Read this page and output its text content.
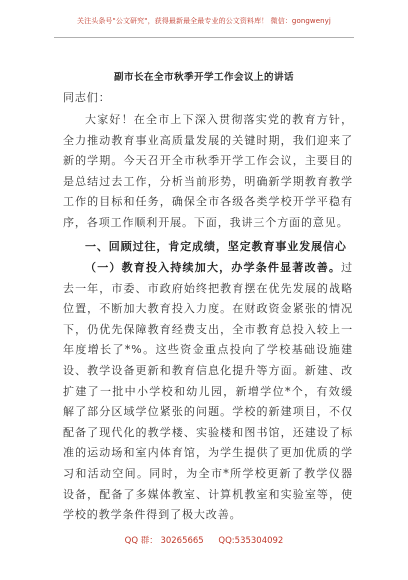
关注头条号"公文研究"，获得最新最全最专业的公文资料库！ 微信：gongwenyj
副市长在全市秋季开学工作会议上的讲话

同志们：

大家好！在全市上下深入贯彻落实党的教育方针，全力推动教育事业高质量发展的关键时期，我们迎来了新的学期。今天召开全市秋季开学工作会议，主要目的是总结过去工作，分析当前形势，明确新学期教育教学工作的目标和任务，确保全市各级各类学校开学平稳有序，各项工作顺利开展。下面，我讲三个方面的意见。

一、回顾过往，肯定成绩，坚定教育事业发展信心

（一）教育投入持续加大，办学条件显著改善。过去一年，市委、市政府始终把教育摆在优先发展的战略位置，不断加大教育投入力度。在财政资金紧张的情况下，仍优先保障教育经费支出，全市教育总投入较上一年度增长了*%。这些资金重点投向了学校基础设施建设、教学设备更新和教育信息化提升等方面。新建、改扩建了一批中小学校和幼儿园，新增学位*个，有效缓解了部分区域学位紧张的问题。学校的新建项目，不仅配备了现代化的教学楼、实验楼和图书馆，还建设了标准的运动场和室内体育馆，为学生提供了更加优质的学习和活动空间。同时，为全市*所学校更新了教学仪器设备，配备了多媒体教室、计算机教室和实验室等，使学校的教学条件得到了极大改善。

QQ 群： 30265665 QQ:535304092
